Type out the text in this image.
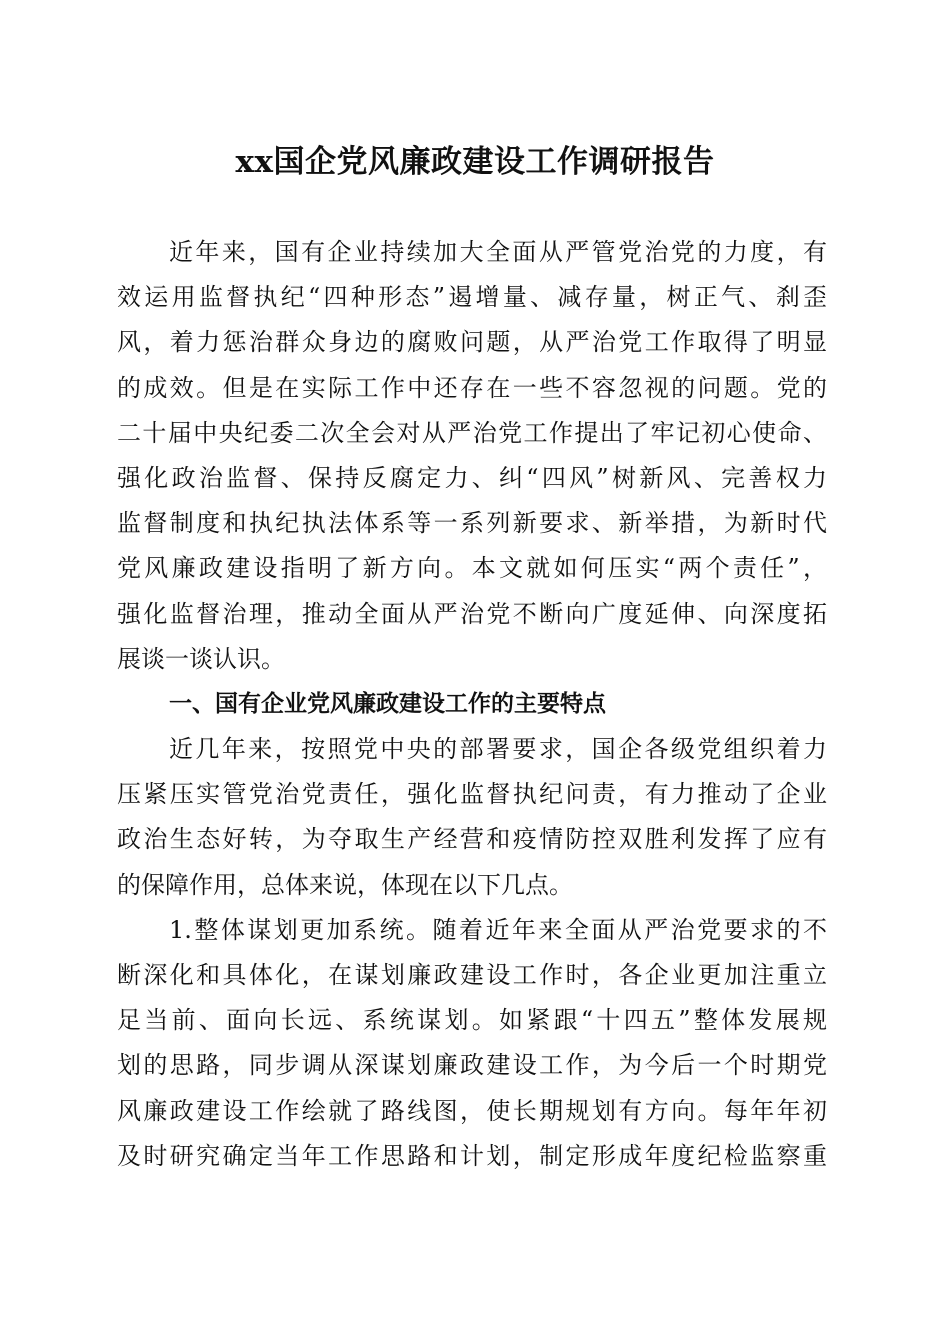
xx国企党风廉政建设工作调研报告

近年来，国有企业持续加大全面从严管党治党的力度，有

效运用监督执纪“四种形态”遏增量、减存量，树正气、刹歪

风，着力惩治群众身边的腐败问题，从严治党工作取得了明显

的成效。但是在实际工作中还存在一些不容忽视的问题。党的

二十届中央纪委二次全会对从严治党工作提出了牢记初心使命、

强化政治监督、保持反腐定力、纠“四风”树新风、完善权力

监督制度和执纪执法体系等一系列新要求、新举措，为新时代

党风廉政建设指明了新方向。本文就如何压实“两个责任”，

强化监督治理，推动全面从严治党不断向广度延伸、向深度拓

展谈一谈认识。

一、国有企业党风廉政建设工作的主要特点

近几年来，按照党中央的部署要求，国企各级党组织着力

压紧压实管党治党责任，强化监督执纪问责，有力推动了企业

政治生态好转，为夺取生产经营和疫情防控双胜利发挥了应有

的保障作用，总体来说，体现在以下几点。

1.整体谋划更加系统。随着近年来全面从严治党要求的不

断深化和具体化，在谋划廉政建设工作时，各企业更加注重立

足当前、面向长远、系统谋划。如紧跟“十四五”整体发展规

划的思路，同步调从深谋划廉政建设工作，为今后一个时期党

风廉政建设工作绘就了路线图，使长期规划有方向。每年年初

及时研究确定当年工作思路和计划，制定形成年度纪检监察重
